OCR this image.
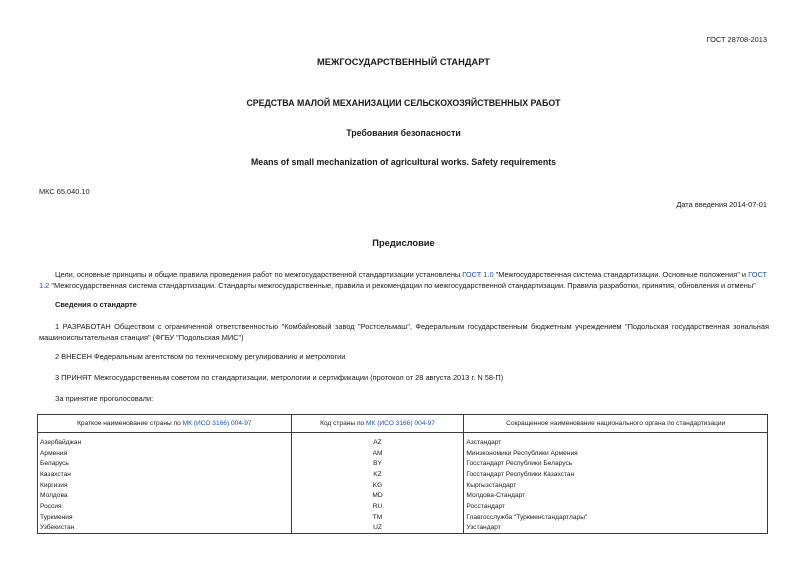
ГОСТ 28708-2013
МЕЖГОСУДАРСТВЕННЫЙ СТАНДАРТ
СРЕДСТВА МАЛОЙ МЕХАНИЗАЦИИ СЕЛЬСКОХОЗЯЙСТВЕННЫХ РАБОТ
Требования безопасности
Means of small mechanization of agricultural works. Safety requirements
МКС 65.040.10
Дата введения 2014-07-01
Предисловие
Цели, основные принципы и общие правила проведения работ по межгосударственной стандартизации установлены ГОСТ 1.0 "Межгосударственная система стандартизации. Основные положения" и ГОСТ 1.2 "Межгосударственная система стандартизации. Стандарты межгосударственные, правила и рекомендации по межгосударственной стандартизации. Правила разработки, принятия, обновления и отмены"
Сведения о стандарте
1 РАЗРАБОТАН Обществом с ограниченной ответственностью "Комбайновый завод "Ростсельмаш", Федеральным государственным бюджетным учреждением "Подольская государственная зональная машиноиспытательная станция" (ФГБУ "Подольская МИС")
2 ВНЕСЕН Федеральным агентством по техническому регулированию и метрологии
3 ПРИНЯТ Межгосударственным советом по стандартизации, метрологии и сертификации (протокол от 28 августа 2013 г. N 58-П)
За принятие проголосовали:
Краткое наименование страны по МК (ИСО 3166) 004-97	Код страны по МК (ИСО 3166) 004-97	Сокращенное наименование национального органа по стандартизации
Азербайджан	AZ	Азстандарт
Армения	AM	Минэкономики Республики Армения
Беларусь	BY	Госстандарт Республики Беларусь
Казахстан	KZ	Госстандарт Республики Казахстан
Киргизия	KG	Кыргызстандарт
Молдова	MD	Молдова-Стандарт
Россия	RU	Росстандарт
Туркмения	TM	Главгосслужба "Туркменстандартлары"
Узбекистан	UZ	Узстандарт
